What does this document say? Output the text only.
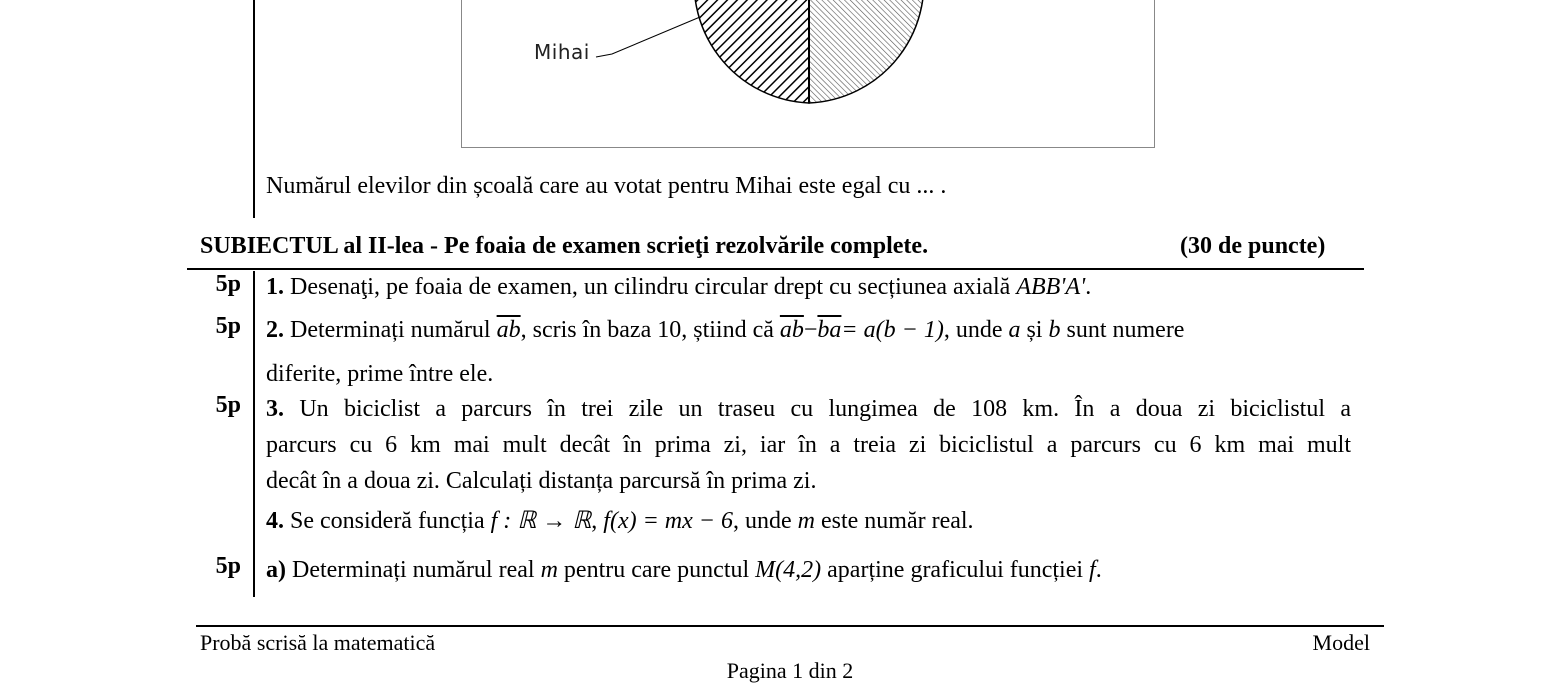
Mihai
Numărul elevilor din școală care au votat pentru Mihai este egal cu ... .
SUBIECTUL al II-lea - Pe foaia de examen scrieţi rezolvările complete.	(30 de puncte)
5p 1. Desenaţi, pe foaia de examen, un cilindru circular drept cu secțiunea axială ABB'A'.
5p 2. Determinați numărul $\overline{ab}$, scris în baza 10, știind că $\overline{ab}-\overline{ba}= a(b - 1)$, unde a și b sunt numere
diferite, prime între ele.
5p 3. Un biciclist a parcurs în trei zile un traseu cu lungimea de 108 km. În a doua zi biciclistul a
parcurs cu 6 km mai mult decât în prima zi, iar în a treia zi biciclistul a parcurs cu 6 km mai mult
decât în a doua zi. Calculați distanța parcursă în prima zi.
4. Se consideră funcția f : ℝ → ℝ, f(x) = mx − 6, unde m este număr real.
5p a) Determinați numărul real m pentru care punctul M(4,2) aparține graficului funcției f.
Probă scrisă la matematică	Model
Pagina 1 din 2
